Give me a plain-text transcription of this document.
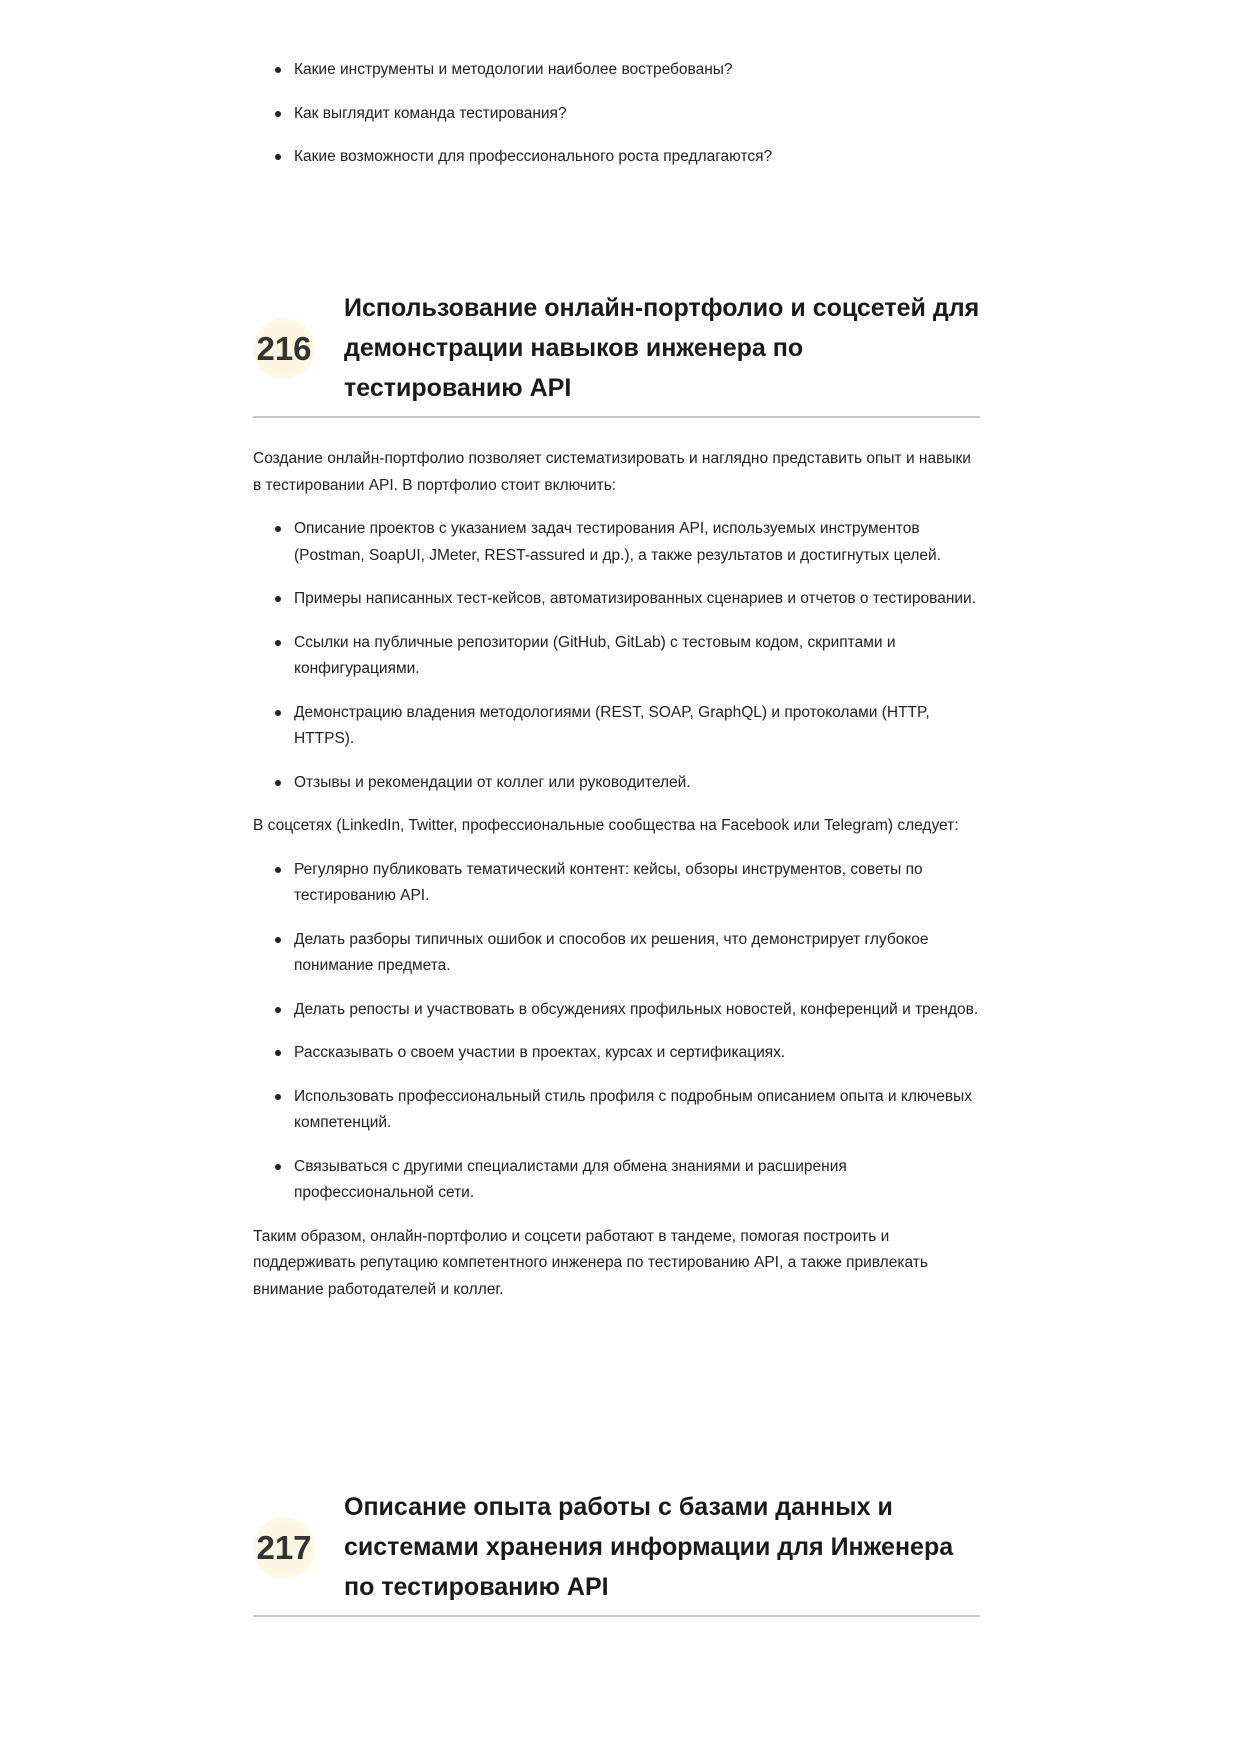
Какие инструменты и методологии наиболее востребованы?
Как выглядит команда тестирования?
Какие возможности для профессионального роста предлагаются?
216
Использование онлайн-портфолио и соцсетей для демонстрации навыков инженера по тестированию API

Создание онлайн-портфолио позволяет систематизировать и наглядно представить опыт и навыки в тестировании API. В портфолио стоит включить:

Описание проектов с указанием задач тестирования API, используемых инструментов (Postman, SoapUI, JMeter, REST-assured и др.), а также результатов и достигнутых целей.
Примеры написанных тест-кейсов, автоматизированных сценариев и отчетов о тестировании.
Ссылки на публичные репозитории (GitHub, GitLab) с тестовым кодом, скриптами и конфигурациями.
Демонстрацию владения методологиями (REST, SOAP, GraphQL) и протоколами (HTTP, HTTPS).
Отзывы и рекомендации от коллег или руководителей.

В соцсетях (LinkedIn, Twitter, профессиональные сообщества на Facebook или Telegram) следует:

Регулярно публиковать тематический контент: кейсы, обзоры инструментов, советы по тестированию API.
Делать разборы типичных ошибок и способов их решения, что демонстрирует глубокое понимание предмета.
Делать репосты и участвовать в обсуждениях профильных новостей, конференций и трендов.
Рассказывать о своем участии в проектах, курсах и сертификациях.
Использовать профессиональный стиль профиля с подробным описанием опыта и ключевых компетенций.
Связываться с другими специалистами для обмена знаниями и расширения профессиональной сети.

Таким образом, онлайн-портфолио и соцсети работают в тандеме, помогая построить и поддерживать репутацию компетентного инженера по тестированию API, а также привлекать внимание работодателей и коллег.

217
Описание опыта работы с базами данных и системами хранения информации для Инженера по тестированию API
